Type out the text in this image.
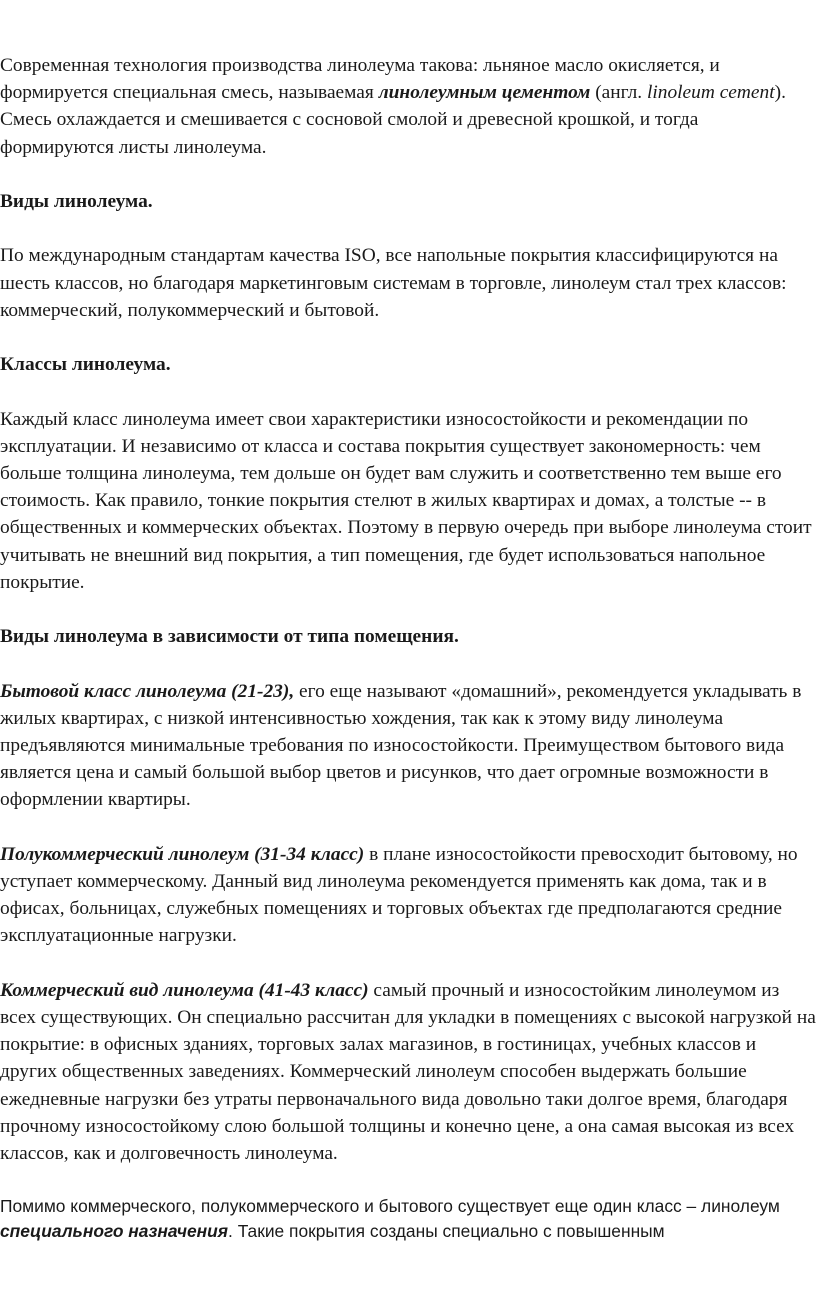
Современная технология производства линолеума такова: льняное масло окисляется, и формируется специальная смесь, называемая линолеумным цементом (англ. linoleum cement). Смесь охлаждается и смешивается с сосновой смолой и древесной крошкой, и тогда формируются листы линолеума.

Виды линолеума.

По международным стандартам качества ISO, все напольные покрытия классифицируются на шесть классов, но благодаря маркетинговым системам в торговле, линолеум стал трех классов: коммерческий, полукоммерческий и бытовой.

Классы линолеума.

Каждый класс линолеума имеет свои характеристики износостойкости и рекомендации по эксплуатации. И независимо от класса и состава покрытия существует закономерность: чем больше толщина линолеума, тем дольше он будет вам служить и соответственно тем выше его стоимость. Как правило, тонкие покрытия стелют в жилых квартирах и домах, а толстые -- в общественных и коммерческих объектах. Поэтому в первую очередь при выборе линолеума стоит учитывать не внешний вид покрытия, а тип помещения, где будет использоваться напольное покрытие.

Виды линолеума в зависимости от типа помещения.

Бытовой класс линолеума (21-23), его еще называют «домашний», рекомендуется укладывать в жилых квартирах, с низкой интенсивностью хождения, так как к этому виду линолеума предъявляются минимальные требования по износостойкости. Преимуществом бытового вида является цена и самый большой выбор цветов и рисунков, что дает огромные возможности в оформлении квартиры.

Полукоммерческий линолеум (31-34 класс) в плане износостойкости превосходит бытовому, но уступает коммерческому. Данный вид линолеума рекомендуется применять как дома, так и в офисах, больницах, служебных помещениях и торговых объектах где предполагаются средние эксплуатационные нагрузки.

Коммерческий вид линолеума (41-43 класс) самый прочный и износостойким линолеумом из всех существующих. Он специально рассчитан для укладки в помещениях с высокой нагрузкой на покрытие: в офисных зданиях, торговых залах магазинов, в гостиницах, учебных классов и других общественных заведениях. Коммерческий линолеум способен выдержать большие ежедневные нагрузки без утраты первоначального вида довольно таки долгое время, благодаря прочному износостойкому слою большой толщины и конечно цене, а она самая высокая из всех классов, как и долговечность линолеума.

Помимо коммерческого, полукоммерческого и бытового существует еще один класс – линолеум специального назначения. Такие покрытия созданы специально с повышенным
